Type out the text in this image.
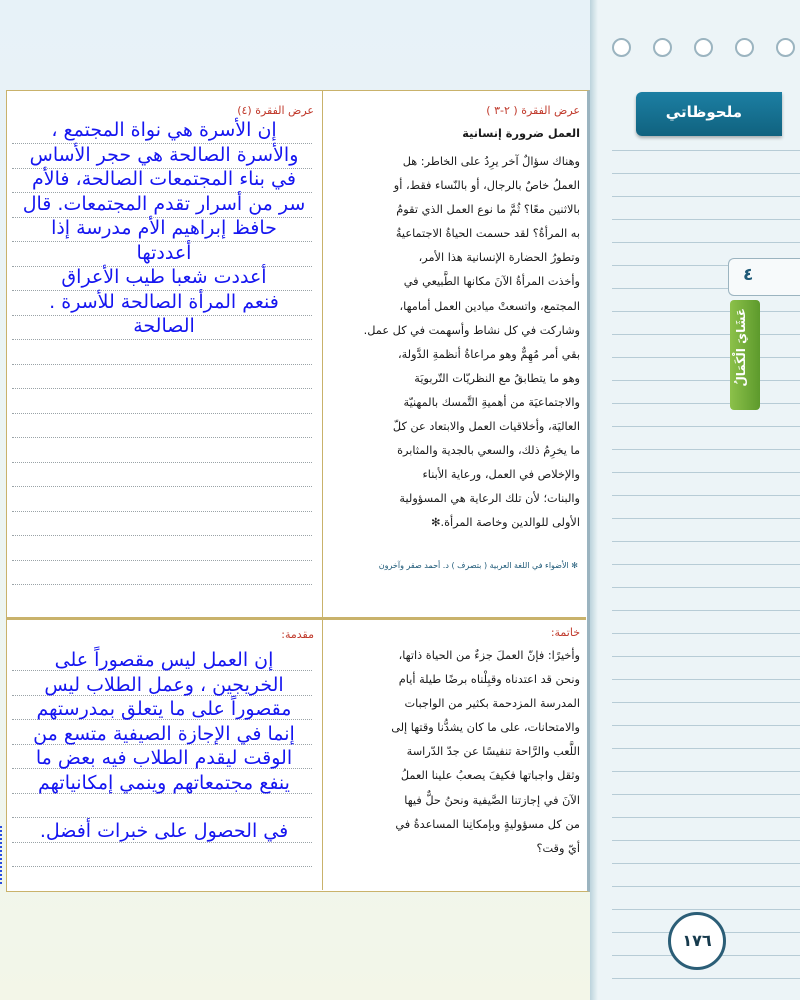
ملحوظاتي
٤
عَشَايَ الْكَمَالُ
١٧٦
عرض الفقرة ( ٢-٣ )
العمل ضرورة إنسانية

وهناك سؤالٌ آخر يرِدُ على الخاطر: هل

العملُ خاصٌ بالرجال، أو بالنّساء فقط، أو

بالاثنين معًا؟ ثُمَّ ما نوع العمل الذي تقومُ

به المرأةُ؟ لقد حسمت الحياةُ الاجتماعيةُ

وتطورُ الحضارة الإنسانية هذا الأمر،

وأخذت المرأةُ الآنَ مكانها الطَّبيعي في

المجتمع، واتسعتْ ميادين العمل أمامها،

وشاركت في كل نشاط وأسهمت في كل عمل.

بقي أمر مُهِمٌّ وهو مراعاةُ أنظمةِ الدَّولة،

وهو ما يتطابقُ مع النظريّات التّربويَة

والاجتماعيَة من أهميةِ التَّمسك بالمهنيّة

العاليَة، وأخلاقيات العمل والابتعاد عن كلّ

ما يخرِمُ ذلك، والسعي بالجدية والمثابرة

والإخلاص في العمل، ورعاية الأبناء

والبنات؛ لأن تلك الرعاية هي المسؤولية

الأولى للوالدين وخاصة المرأة.✻

✻ الأضواء في اللغة العربية ( بتصرف ) د. أحمد صقر وآخرون
خاتمة:

وأخيرًا: فإنّ العملَ جزءٌ من الحياة ذاتها،

ونحن قد اعتدناه وقبِلْناه برضًا طيلة أيام

المدرسة المزدحمة بكثير من الواجبات

والامتحانات، على ما كان يشدُّنا وقتها إلى

اللَّعب والرَّاحة تنفيسًا عن جدّ الدّراسة

وثقل واجباتها فكيفَ يصعبُ علينا العملُ

الآنَ في إجازتنا الصَّيفية ونحنُ حلٌّ فيها

من كل مسؤوليةٍ وبإمكانِنا المساعدةُ في

أيّ وقت؟

عرض الفقرة (٤)

إن الأسرة هي نواة المجتمع ،

والأسرة الصالحة هي حجر الأساس

في بناء المجتمعات الصالحة، فالأم

سر من أسرار تقدم المجتمعات. قال

حافظ إبراهيم الأم مدرسة إذا

أعددتها

أعددت شعبا طيب الأعراق

فنعم المرأة الصالحة للأسرة .

الصالحة

مقدمة:

إن العمل ليس مقصوراً على

الخريجين ، وعمل الطلاب ليس

مقصوراً على ما يتعلق بمدرستهم

إنما في الإجازة الصيفية متسع من

الوقت ليقدم الطلاب فيه بعض ما

ينفع مجتمعاتهم وينمي إمكانياتهم

في الحصول على خبرات أفضل.
